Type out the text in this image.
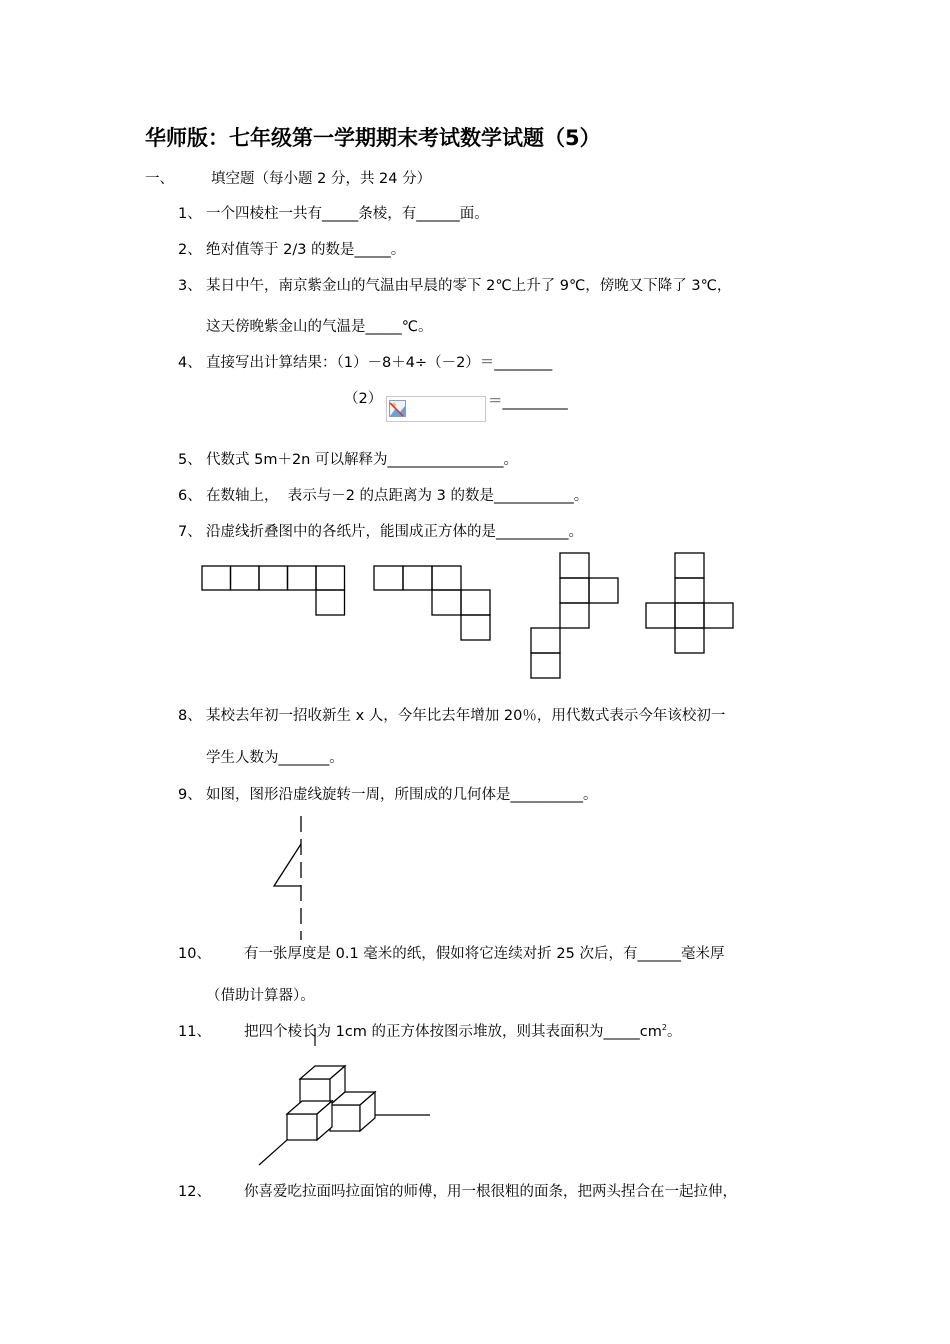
华师版：七年级第一学期期末考试数学试题（5）
一、	填空题（每小题 2 分，共 24 分）
1、 一个四棱柱一共有_____条棱，有______面。
2、 绝对值等于 2/3 的数是_____。
3、 某日中午，南京紫金山的气温由早晨的零下 2℃上升了 9℃，傍晚又下降了 3℃，
这天傍晚紫金山的气温是_____℃。
4、 直接写出计算结果：（1）－8＋4÷（－2）＝________
（2）	＝_________
5、 代数式 5m＋2n 可以解释为________________。
6、 在数轴上，  表示与－2 的点距离为 3 的数是___________。
7、 沿虚线折叠图中的各纸片，能围成正方体的是__________。
8、 某校去年初一招收新生 x 人，今年比去年增加 20％，用代数式表示今年该校初一
学生人数为_______。
9、 如图，图形沿虚线旋转一周，所围成的几何体是__________。
10、 有一张厚度是 0.1 毫米的纸，假如将它连续对折 25 次后，有______毫米厚
（借助计算器）。
11、 把四个棱长为 1cm 的正方体按图示堆放，则其表面积为$\_\_\_\_\_cm^2$。
12、 你喜爱吃拉面吗拉面馆的师傅，用一根很粗的面条，把两头捏合在一起拉伸，
